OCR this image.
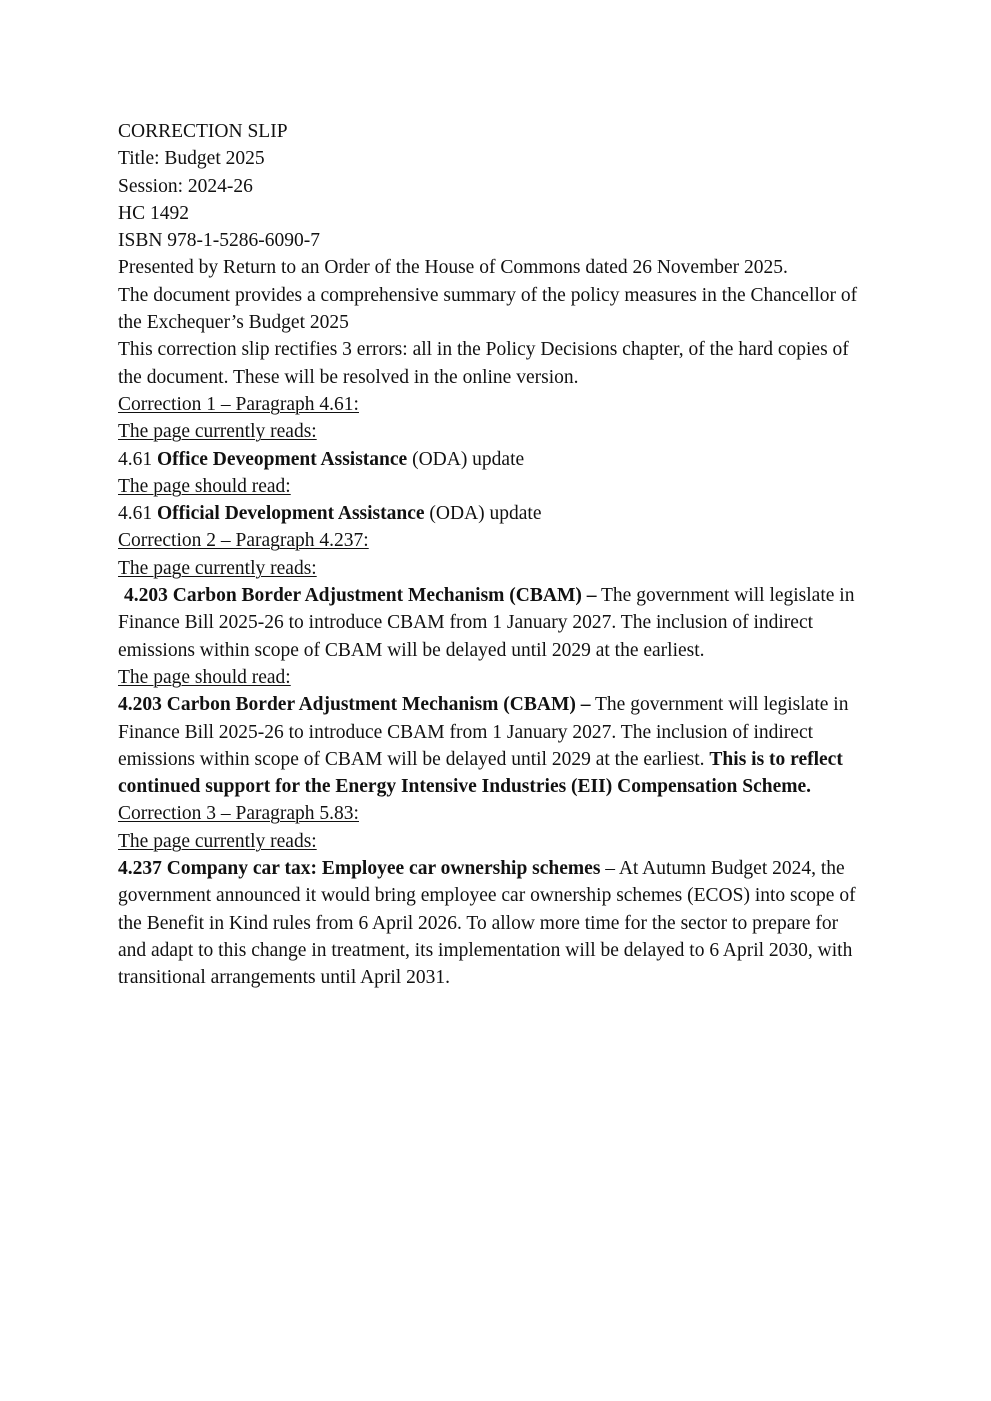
CORRECTION SLIP

Title: Budget 2025

Session: 2024-26

HC 1492

ISBN 978-1-5286-6090-7

Presented by Return to an Order of the House of Commons dated 26 November 2025.

The document provides a comprehensive summary of the policy measures in the Chancellor of the Exchequer’s Budget 2025

This correction slip rectifies 3 errors: all in the Policy Decisions chapter, of the hard copies of the document. These will be resolved in the online version.

Correction 1 – Paragraph 4.61:

The page currently reads:

4.61 Office Deveopment Assistance (ODA) update

The page should read:

4.61 Official Development Assistance (ODA) update

Correction 2 – Paragraph 4.237:

The page currently reads:

4.203 Carbon Border Adjustment Mechanism (CBAM) – The government will legislate in Finance Bill 2025-26 to introduce CBAM from 1 January 2027. The inclusion of indirect emissions within scope of CBAM will be delayed until 2029 at the earliest.

The page should read:

4.203 Carbon Border Adjustment Mechanism (CBAM) – The government will legislate in Finance Bill 2025-26 to introduce CBAM from 1 January 2027. The inclusion of indirect emissions within scope of CBAM will be delayed until 2029 at the earliest. This is to reflect continued support for the Energy Intensive Industries (EII) Compensation Scheme.

Correction 3 – Paragraph 5.83:

The page currently reads:

4.237 Company car tax: Employee car ownership schemes – At Autumn Budget 2024, the government announced it would bring employee car ownership schemes (ECOS) into scope of the Benefit in Kind rules from 6 April 2026. To allow more time for the sector to prepare for and adapt to this change in treatment, its implementation will be delayed to 6 April 2030, with transitional arrangements until April 2031.
